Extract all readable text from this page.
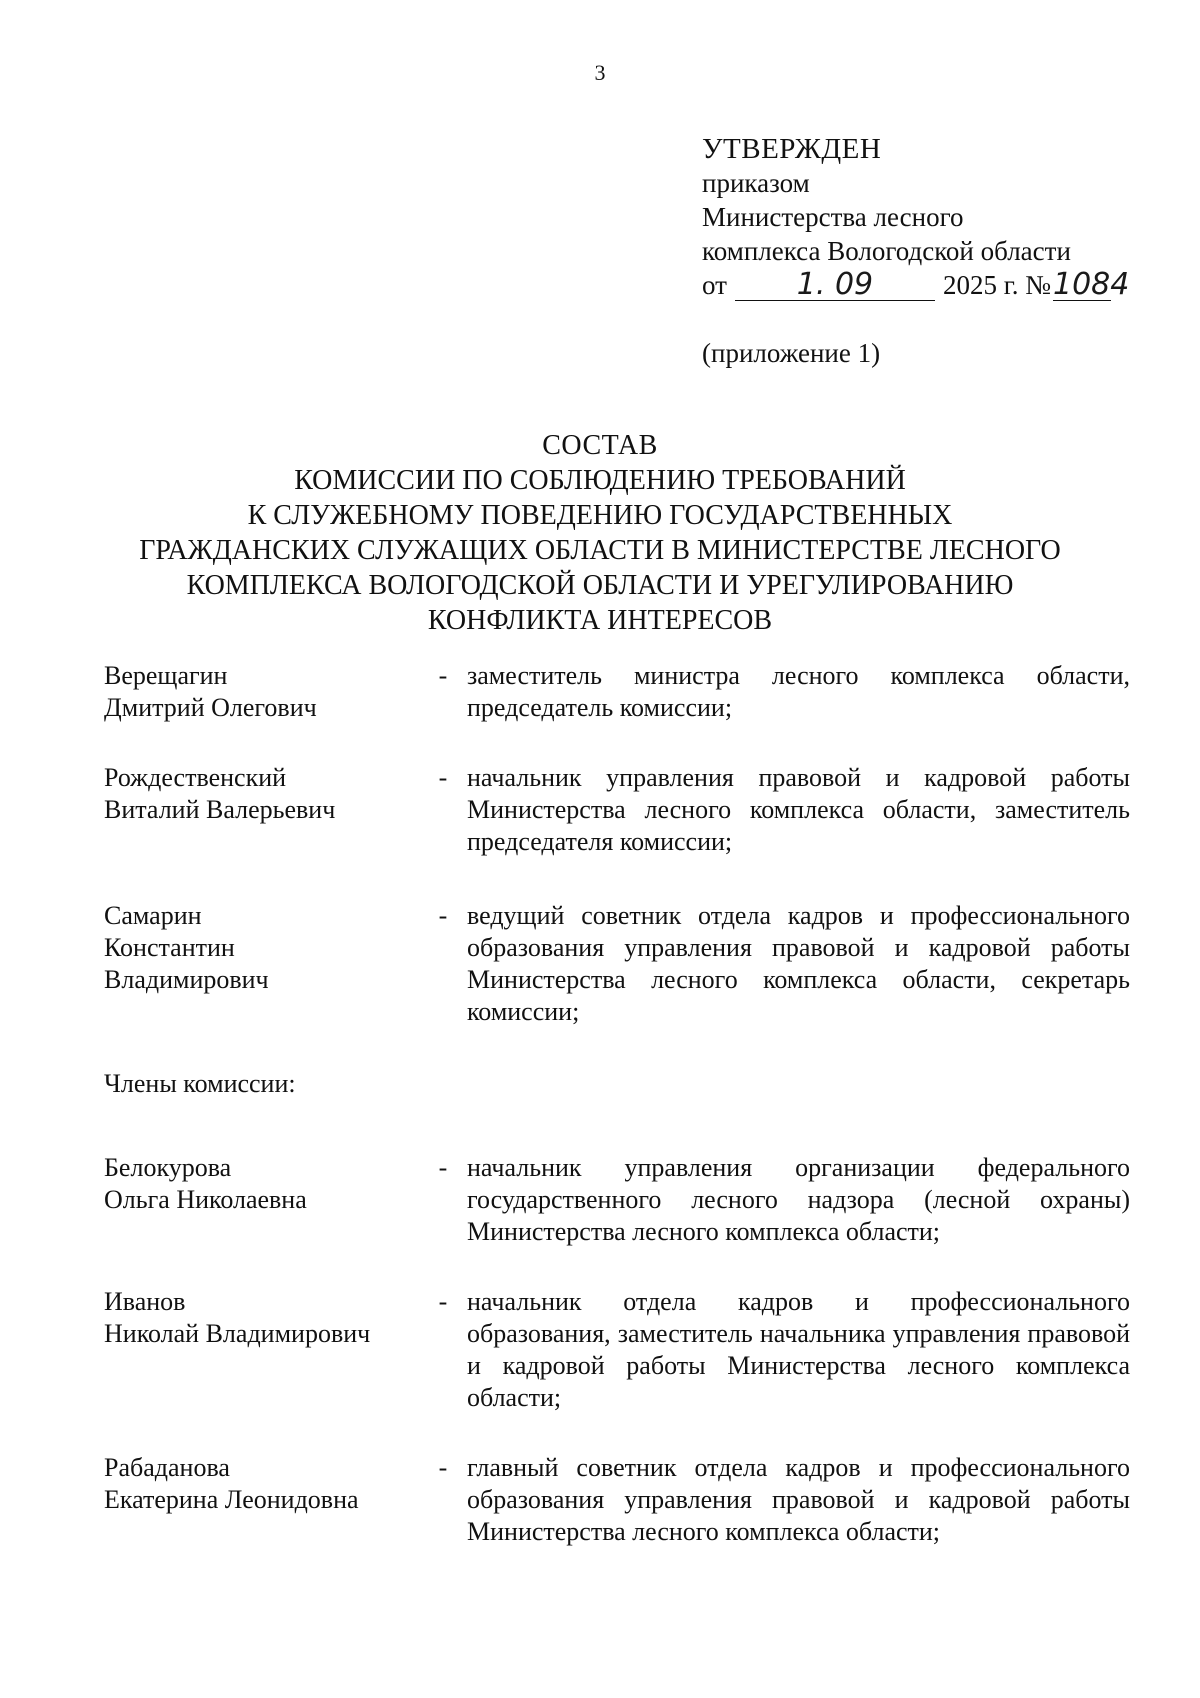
3
УТВЕРЖДЕН
приказом
Министерства лесного
комплекса Вологодской области
от 1. 09	2025 г. №1084
(приложение 1)
СОСТАВ
КОМИССИИ ПО СОБЛЮДЕНИЮ ТРЕБОВАНИЙ
К СЛУЖЕБНОМУ ПОВЕДЕНИЮ ГОСУДАРСТВЕННЫХ
ГРАЖДАНСКИХ СЛУЖАЩИХ ОБЛАСТИ В МИНИСТЕРСТВЕ ЛЕСНОГО
КОМПЛЕКСА ВОЛОГОДСКОЙ ОБЛАСТИ И УРЕГУЛИРОВАНИЮ
КОНФЛИКТА ИНТЕРЕСОВ
Верещагин
Дмитрий Олегович
- заместитель министра лесного комплекса области, председатель комиссии;
Рождественский
Виталий Валерьевич
- начальник управления правовой и кадровой работы Министерства лесного комплекса области, заместитель председателя комиссии;
Самарин
Константин
Владимирович
- ведущий советник отдела кадров и профессионального образования управления правовой и кадровой работы Министерства лесного комплекса области, секретарь комиссии;
Члены комиссии:
Белокурова
Ольга Николаевна
- начальник управления организации федерального государственного лесного надзора (лесной охраны) Министерства лесного комплекса области;
Иванов
Николай Владимирович
- начальник отдела кадров и профессионального образования, заместитель начальника управления правовой и кадровой работы Министерства лесного комплекса области;
Рабаданова
Екатерина Леонидовна
- главный советник отдела кадров и профессионального образования управления правовой и кадровой работы Министерства лесного комплекса области;
